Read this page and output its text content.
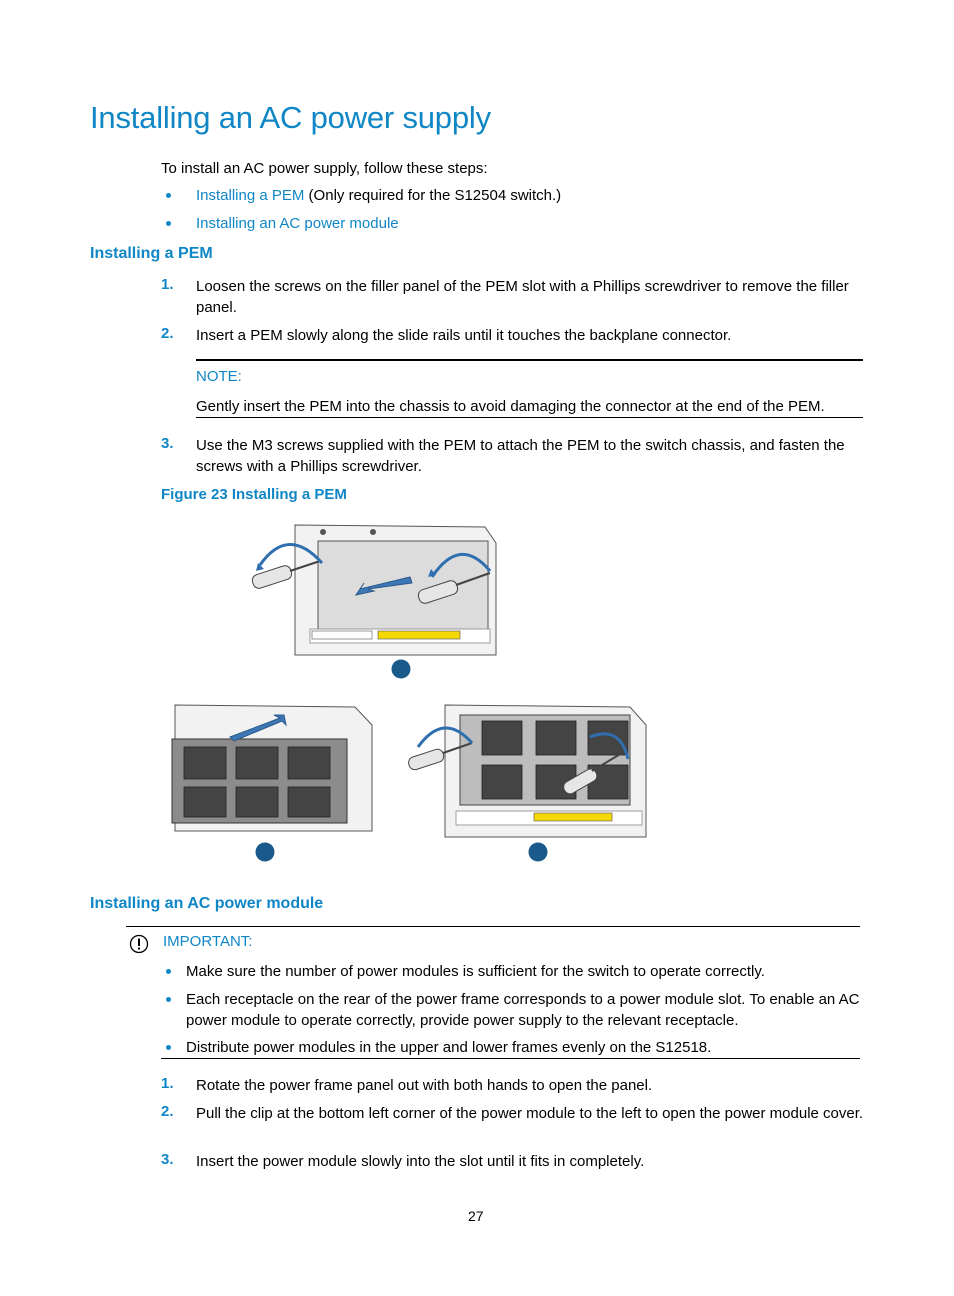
Installing an AC power supply
To install an AC power supply, follow these steps:
Installing a PEM (Only required for the S12504 switch.)
Installing an AC power module
Installing a PEM
1. Loosen the screws on the filler panel of the PEM slot with a Phillips screwdriver to remove the filler panel.
2. Insert a PEM slowly along the slide rails until it touches the backplane connector.
NOTE:
Gently insert the PEM into the chassis to avoid damaging the connector at the end of the PEM.
3. Use the M3 screws supplied with the PEM to attach the PEM to the switch chassis, and fasten the screws with a Phillips screwdriver.
Figure 23 Installing a PEM
Installing an AC power module
IMPORTANT:
Make sure the number of power modules is sufficient for the switch to operate correctly.
Each receptacle on the rear of the power frame corresponds to a power module slot. To enable an AC power module to operate correctly, provide power supply to the relevant receptacle.
Distribute power modules in the upper and lower frames evenly on the S12518.
1. Rotate the power frame panel out with both hands to open the panel.
2. Pull the clip at the bottom left corner of the power module to the left to open the power module cover.
3. Insert the power module slowly into the slot until it fits in completely.
27
